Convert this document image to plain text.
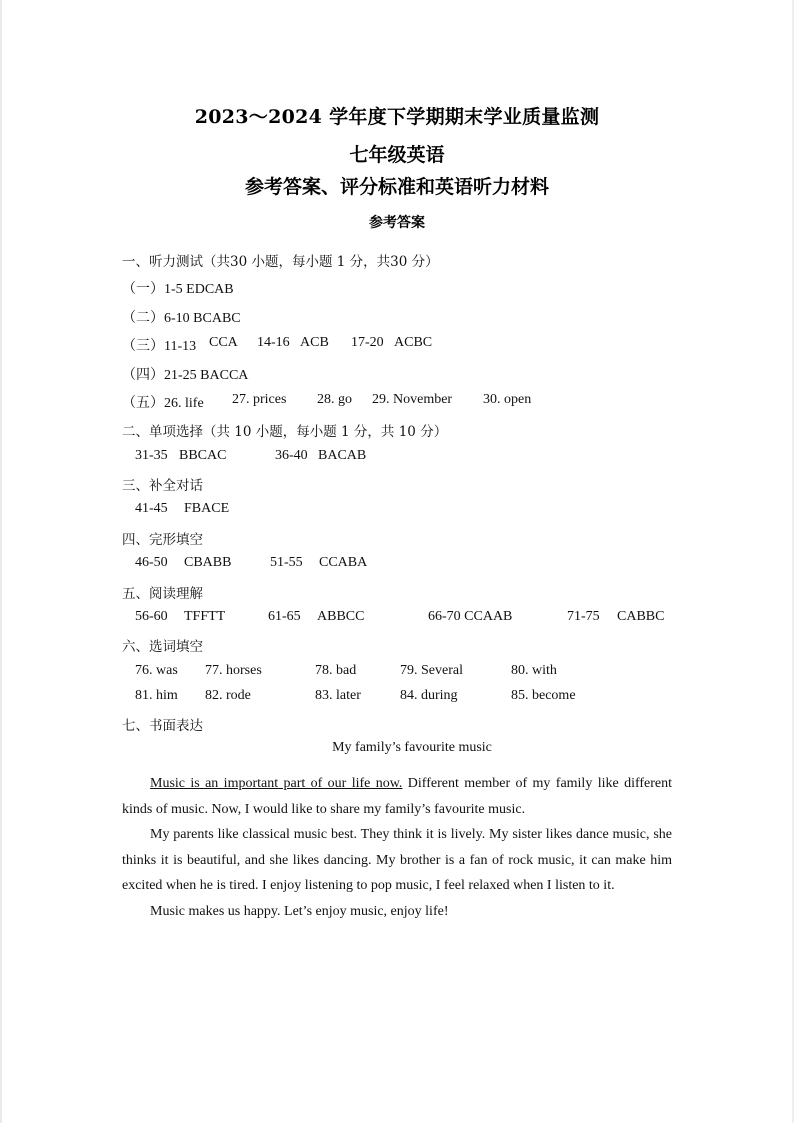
2023～2024 学年度下学期期末学业质量监测
七年级英语
参考答案、评分标准和英语听力材料
参考答案
一、听力测试（共30 小题，每小题 1 分，共30 分）
（一）1-5 EDCAB
（二）6-10 BCABC
（三）11-13 CCA 14-16 ACB 17-20 ACBC
（四）21-25 BACCA
（五）26. life 27. prices 28. go 29. November 30. open
二、单项选择（共 10 小题，每小题 1 分，共 10 分）
31-35 BBCAC	36-40 BACAB
三、补全对话
41-45 FBACE
四、完形填空
46-50 CBABB	51-55 CCABA
五、阅读理解
56-60 TFFTT	61-65 ABBCC	66-70 CCAAB	71-75 CABBC
六、选词填空
76. was 77. horses	78. bad	79. Several	80. with
81. him 82. rode	83. later	84. during	85. become
七、书面表达
My family’s favourite music

Music is an important part of our life now. Different member of my family like different kinds of music. Now, I would like to share my family’s favourite music.

My parents like classical music best. They think it is lively. My sister likes dance music, she thinks it is beautiful, and she likes dancing. My brother is a fan of rock music, it can make him excited when he is tired. I enjoy listening to pop music, I feel relaxed when I listen to it.

Music makes us happy. Let’s enjoy music, enjoy life!
